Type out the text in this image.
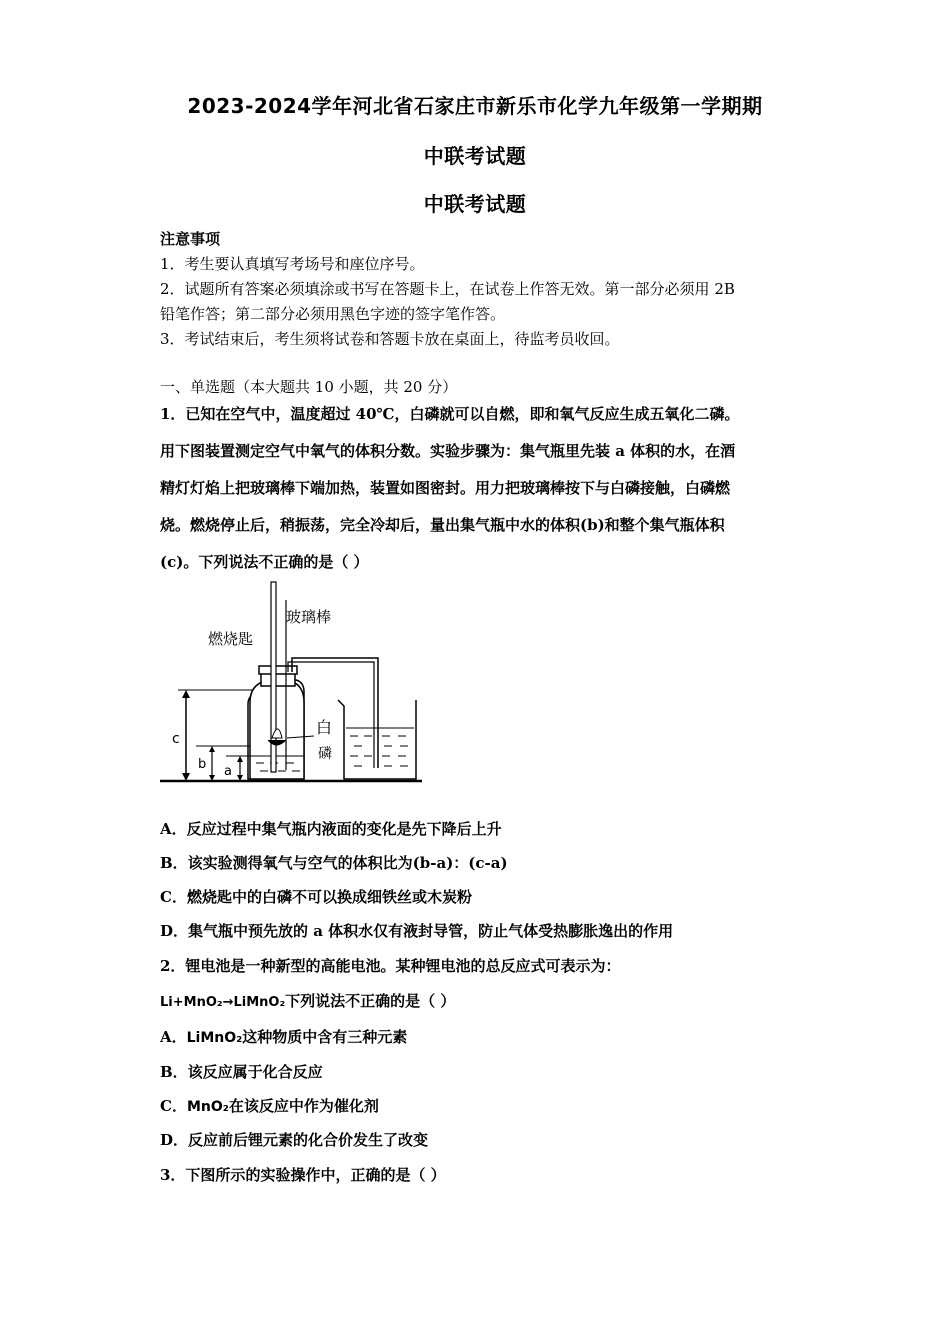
2023-2024学年河北省石家庄市新乐市化学九年级第一学期期
中联考试题
中联考试题
注意事项
1．考生要认真填写考场号和座位序号。
2．试题所有答案必须填涂或书写在答题卡上，在试卷上作答无效。第一部分必须用 2B
铅笔作答；第二部分必须用黑色字迹的签字笔作答。
3．考试结束后，考生须将试卷和答题卡放在桌面上，待监考员收回。
一、单选题（本大题共 10 小题，共 20 分）
1．已知在空气中，温度超过 40℃，白磷就可以自燃，即和氧气反应生成五氧化二磷。
用下图装置测定空气中氧气的体积分数。实验步骤为：集气瓶里先装 a 体积的水，在酒
精灯灯焰上把玻璃棒下端加热，装置如图密封。用力把玻璃棒按下与白磷接触，白磷燃
烧。燃烧停止后，稍振荡，完全冷却后，量出集气瓶中水的体积(b)和整个集气瓶体积
(c)。下列说法不正确的是（ ）
c
b a
玻璃棒
燃烧匙
白
磷
A．反应过程中集气瓶内液面的变化是先下降后上升
B．该实验测得氧气与空气的体积比为(b-a)：(c-a)
C．燃烧匙中的白磷不可以换成细铁丝或木炭粉
D．集气瓶中预先放的 a 体积水仅有液封导管，防止气体受热膨胀逸出的作用
2．锂电池是一种新型的高能电池。某种锂电池的总反应式可表示为：
Li+MnO₂→LiMnO₂下列说法不正确的是（ ）
A．LiMnO₂这种物质中含有三种元素
B．该反应属于化合反应
C．MnO₂在该反应中作为催化剂
D．反应前后锂元素的化合价发生了改变
3．下图所示的实验操作中，正确的是（ ）
